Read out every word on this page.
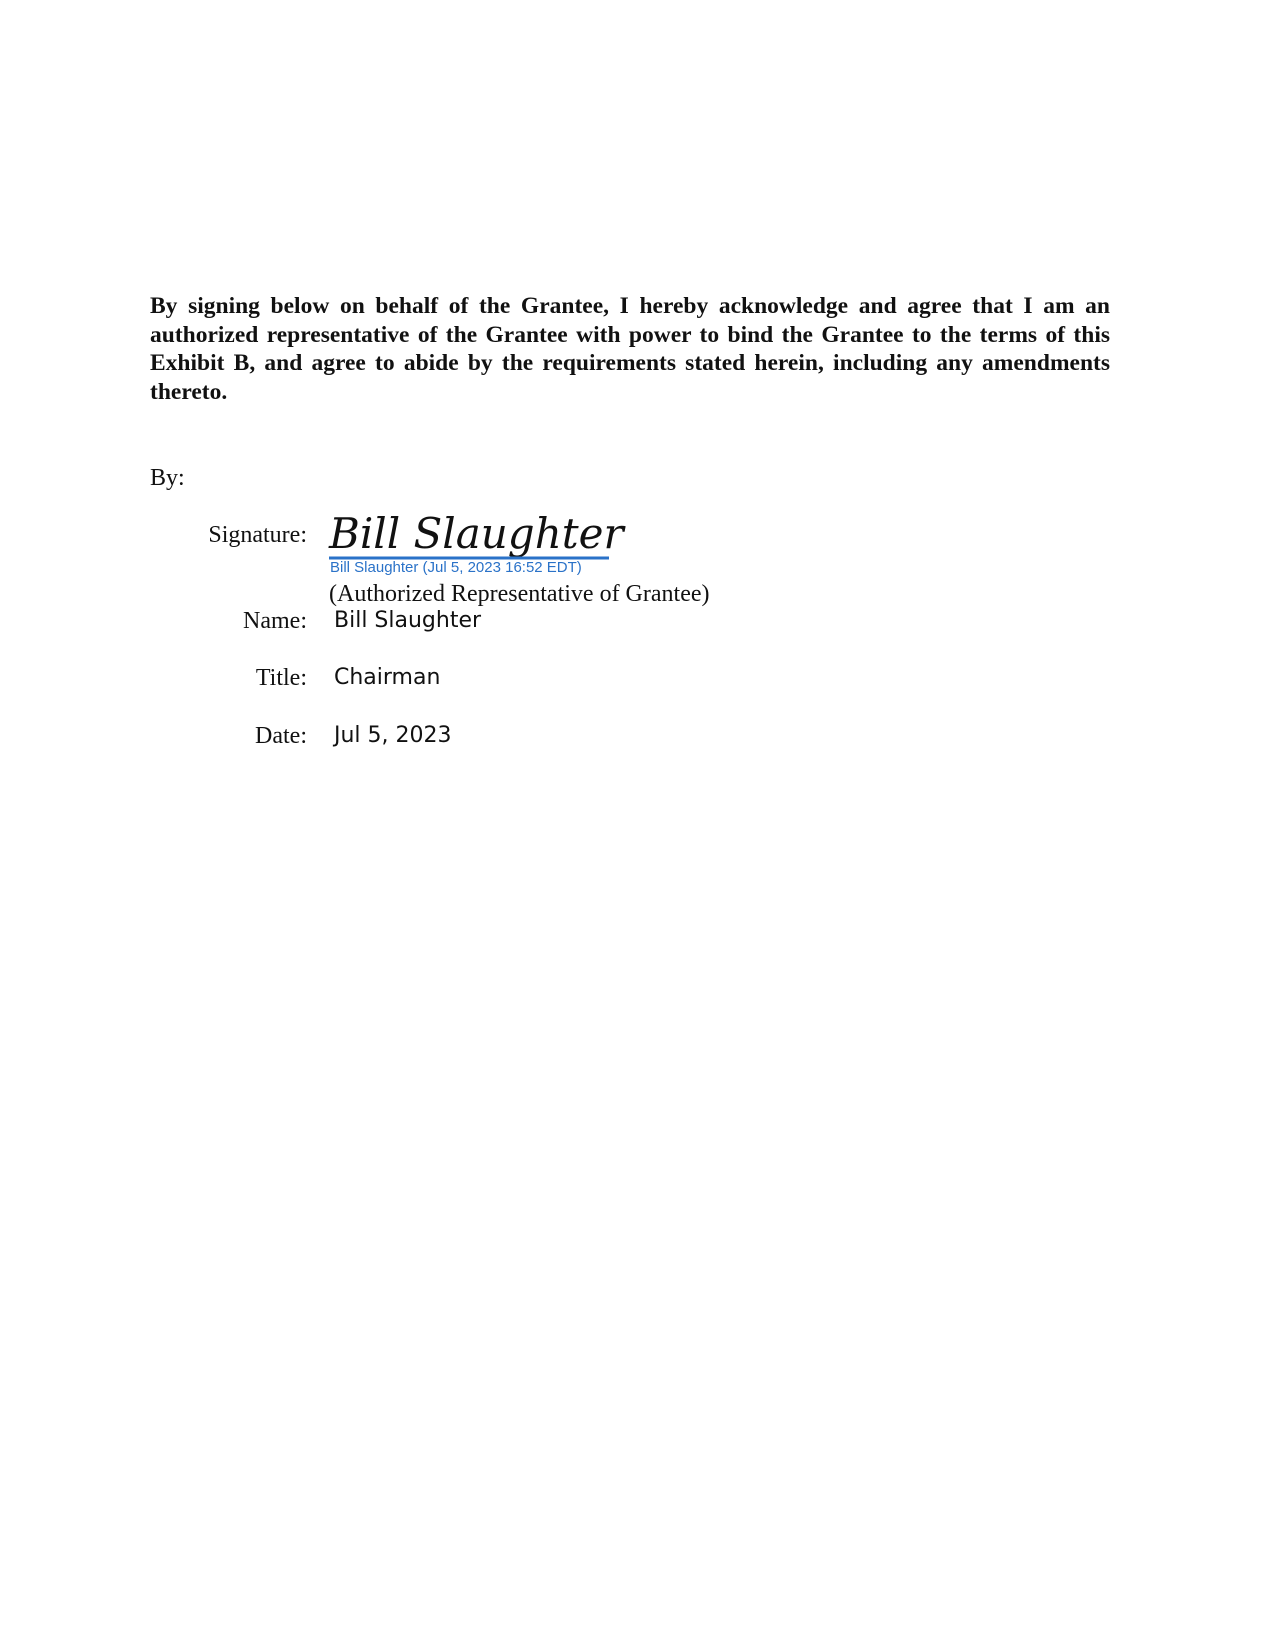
By signing below on behalf of the Grantee, I hereby acknowledge and agree that I am an authorized representative of the Grantee with power to bind the Grantee to the terms of this Exhibit B, and agree to abide by the requirements stated herein, including any amendments thereto.

By:

Signature: Bill Slaughter
Bill Slaughter (Jul 5, 2023 16:52 EDT)
(Authorized Representative of Grantee)
Name: Bill Slaughter
Title: Chairman
Date: Jul 5, 2023
